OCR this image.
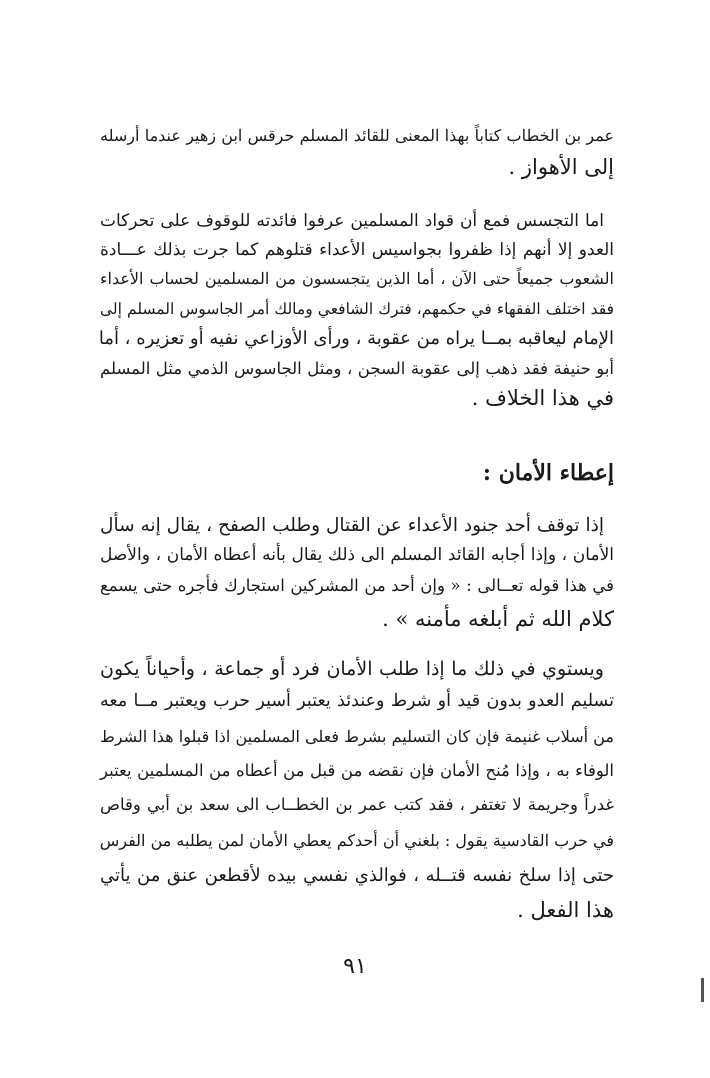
عمر بن الخطاب كتاباً بهذا المعنى للقائد المسلم حرقس ابن زهير عندما أرسله
إلى الأهواز .
اما التجسس فمع أن قواد المسلمين عرفوا فائدته للوقوف على تحركات
العدو إلا أنهم إذا ظفروا بجواسيس الأعداء قتلوهم كما جرت بذلك عـــادة
الشعوب جميعاً حتى الآن ، أما الذين يتجسسون من المسلمين لحساب الأعداء
فقد اختلف الفقهاء في حكمهم، فترك الشافعي ومالك أمر الجاسوس المسلم إلى
الإمام ليعاقبه بمــا يراه من عقوبة ، ورأى الأوزاعي نفيه أو تعزيره ، أما
أبو حنيفة فقد ذهب إلى عقوبة السجن ، ومثل الجاسوس الذمي مثل المسلم
في هذا الخلاف .
إعطاء الأمان :
إذا توقف أحد جنود الأعداء عن القتال وطلب الصفح ، يقال إنه سأل
الأمان ، وإذا أجابه القائد المسلم الى ذلك يقال بأنه أعطاه الأمان ، والأصل
في هذا قوله تعــالى : « وإن أحد من المشركين استجارك فأجره حتى يسمع
كلام الله ثم أبلغه مأمنه » .
ويستوي في ذلك ما إذا طلب الأمان فرد أو جماعة ، وأحياناً يكون
تسليم العدو بدون قيد أو شرط وعندئذ يعتبر أسير حرب ويعتبر مــا معه
من أسلاب غنيمة فإن كان التسليم بشرط فعلى المسلمين اذا قبلوا هذا الشرط
الوفاء به ، وإذا مُنح الأمان فإن نقضه من قبل من أعطاه من المسلمين يعتبر
غدراً وجريمة لا تغتفر ، فقد كتب عمر بن الخطــاب الى سعد بن أبي وقاص
في حرب القادسية يقول : بلغني أن أحدكم يعطي الأمان لمن يطلبه من الفرس
حتى إذا سلخ نفسه قتــله ، فوالذي نفسي بيده لأقطعن عنق من يأتي
هذا الفعل .
٩١
